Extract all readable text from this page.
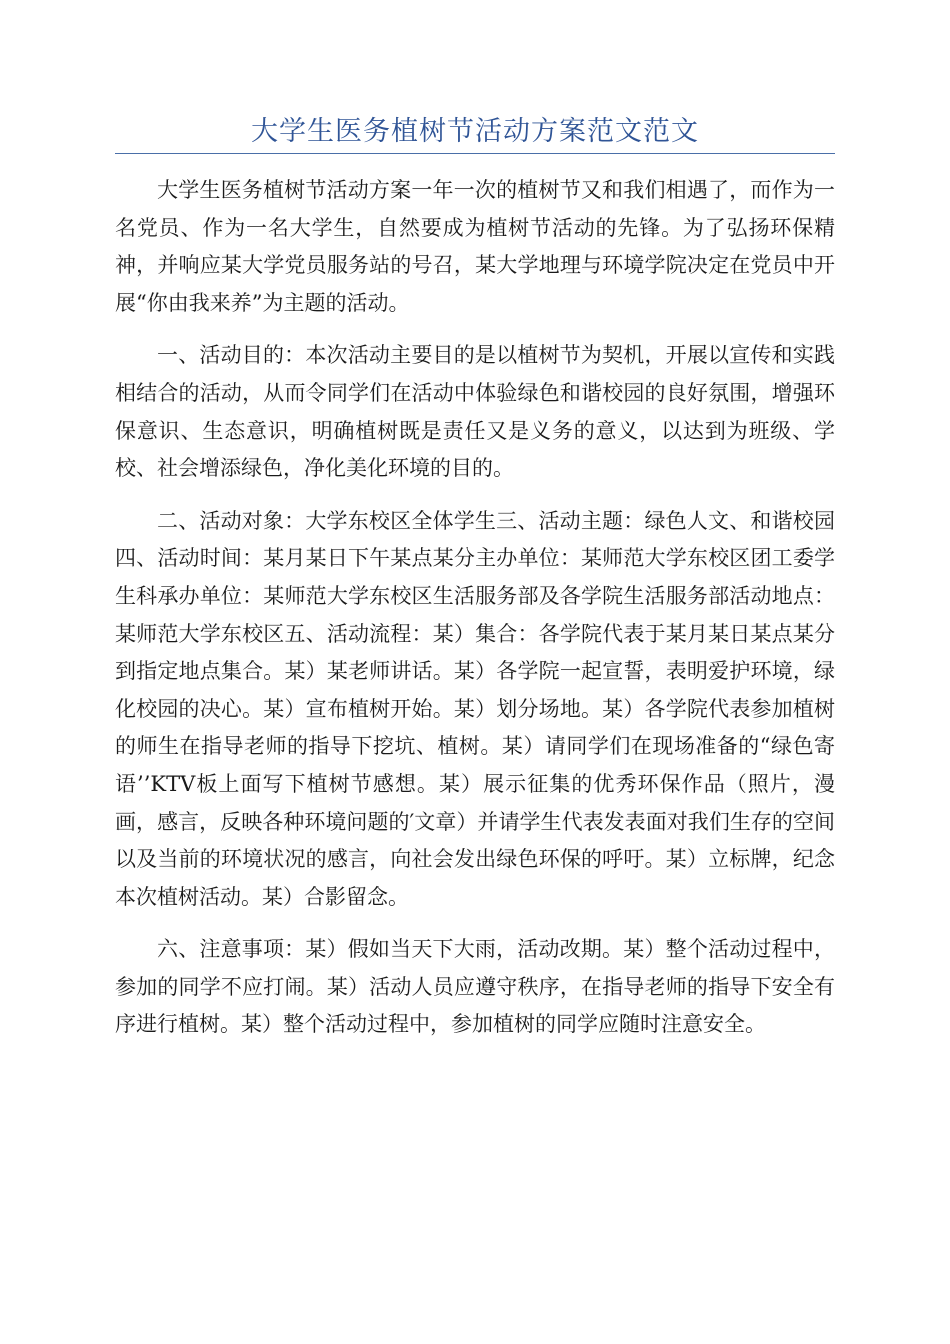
大学生医务植树节活动方案范文范文

大学生医务植树节活动方案一年一次的植树节又和我们相遇了，而作为一名党员、作为一名大学生，自然要成为植树节活动的先锋。为了弘扬环保精神，并响应某大学党员服务站的号召，某大学地理与环境学院决定在党员中开展“你由我来养”为主题的活动。

一、活动目的：本次活动主要目的是以植树节为契机，开展以宣传和实践相结合的活动，从而令同学们在活动中体验绿色和谐校园的良好氛围，增强环保意识、生态意识，明确植树既是责任又是义务的意义，以达到为班级、学校、社会增添绿色，净化美化环境的目的。

二、活动对象：大学东校区全体学生三、活动主题：绿色人文、和谐校园四、活动时间：某月某日下午某点某分主办单位：某师范大学东校区团工委学生科承办单位：某师范大学东校区生活服务部及各学院生活服务部活动地点：某师范大学东校区五、活动流程：某）集合：各学院代表于某月某日某点某分到指定地点集合。某）某老师讲话。某）各学院一起宣誓，表明爱护环境，绿化校园的决心。某）宣布植树开始。某）划分场地。某）各学院代表参加植树的师生在指导老师的指导下挖坑、植树。某）请同学们在现场准备的“绿色寄语’’KTV板上面写下植树节感想。某）展示征集的优秀环保作品（照片，漫画，感言，反映各种环境问题的′文章）并请学生代表发表面对我们生存的空间以及当前的环境状况的感言，向社会发出绿色环保的呼吁。某）立标牌，纪念本次植树活动。某）合影留念。

六、注意事项：某）假如当天下大雨，活动改期。某）整个活动过程中，参加的同学不应打闹。某）活动人员应遵守秩序，在指导老师的指导下安全有序进行植树。某）整个活动过程中，参加植树的同学应随时注意安全。
